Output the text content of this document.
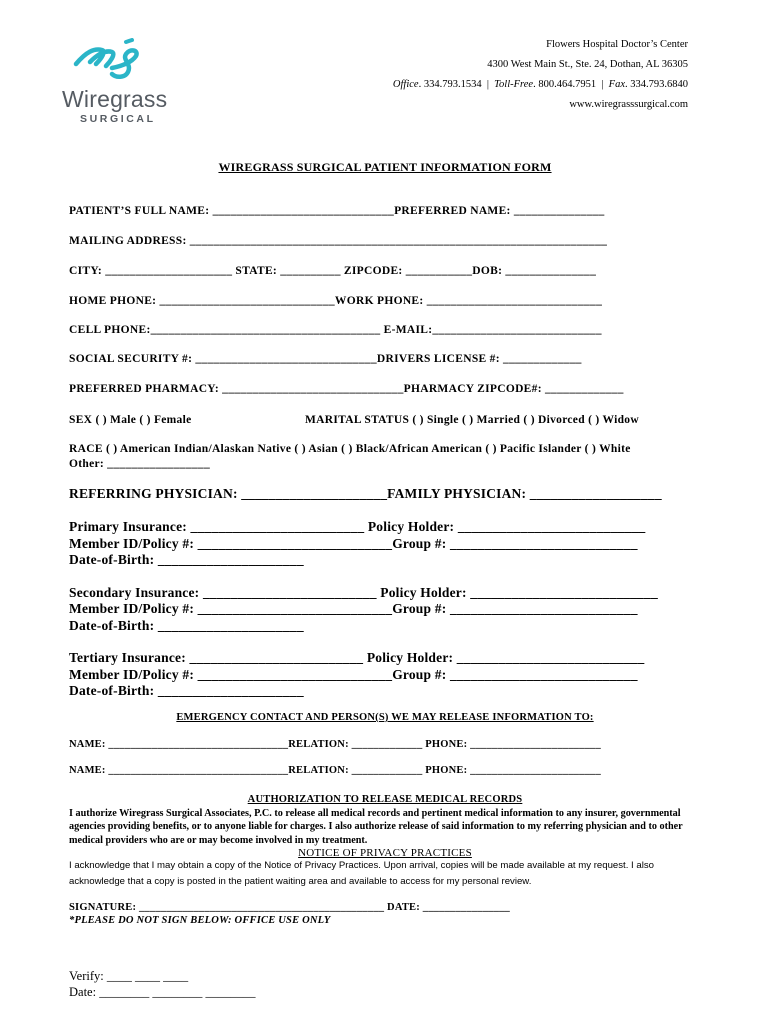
Wiregrass
SURGICAL
Flowers Hospital Doctor’s Center
4300 West Main St., Ste. 24, Dothan, AL 36305
Office. 334.793.1534 | Toll-Free. 800.464.7951 | Fax. 334.793.6840
www.wiregrasssurgical.com
WIREGRASS SURGICAL PATIENT INFORMATION FORM
PATIENT’S FULL NAME: ______________________________PREFERRED NAME: _______________
MAILING ADDRESS: _____________________________________________________________________
CITY: _____________________ STATE: __________ ZIPCODE: ___________DOB: _______________
HOME PHONE: _____________________________WORK PHONE: _____________________________
CELL PHONE:______________________________________ E-MAIL:____________________________
SOCIAL SECURITY #: ______________________________DRIVERS LICENSE #: _____________
PREFERRED PHARMACY: ______________________________PHARMACY ZIPCODE#: _____________
SEX ( ) Male ( ) Female	MARITAL STATUS ( ) Single ( ) Married ( ) Divorced ( ) Widow
RACE ( ) American Indian/Alaskan Native ( ) Asian ( ) Black/African American ( ) Pacific Islander ( ) White
Other: _________________
REFERRING PHYSICIAN: _____________________FAMILY PHYSICIAN: ___________________
Primary Insurance: _________________________ Policy Holder: ___________________________
Member ID/Policy #: ____________________________Group #: ___________________________
Date-of-Birth: _____________________
Secondary Insurance: _________________________ Policy Holder: ___________________________
Member ID/Policy #: ____________________________Group #: ___________________________
Date-of-Birth: _____________________
Tertiary Insurance: _________________________ Policy Holder: ___________________________
Member ID/Policy #: ____________________________Group #: ___________________________
Date-of-Birth: _____________________
EMERGENCY CONTACT AND PERSON(S) WE MAY RELEASE INFORMATION TO:
NAME: _________________________________RELATION: _____________ PHONE: ________________________
NAME: _________________________________RELATION: _____________ PHONE: ________________________
AUTHORIZATION TO RELEASE MEDICAL RECORDS
I authorize Wiregrass Surgical Associates, P.C. to release all medical records and pertinent medical information to any insurer, governmental agencies providing benefits, or to anyone liable for charges. I also authorize release of said information to my referring physician and to other medical providers who are or may become involved in my treatment.
NOTICE OF PRIVACY PRACTICES
I acknowledge that I may obtain a copy of the Notice of Privacy Practices. Upon arrival, copies will be made available at my request. I also acknowledge that a copy is posted in the patient waiting area and available to access for my personal review.
SIGNATURE: _____________________________________________ DATE: ________________
*PLEASE DO NOT SIGN BELOW: OFFICE USE ONLY
Verify: ____ ____ ____
Date: ________ ________ ________
